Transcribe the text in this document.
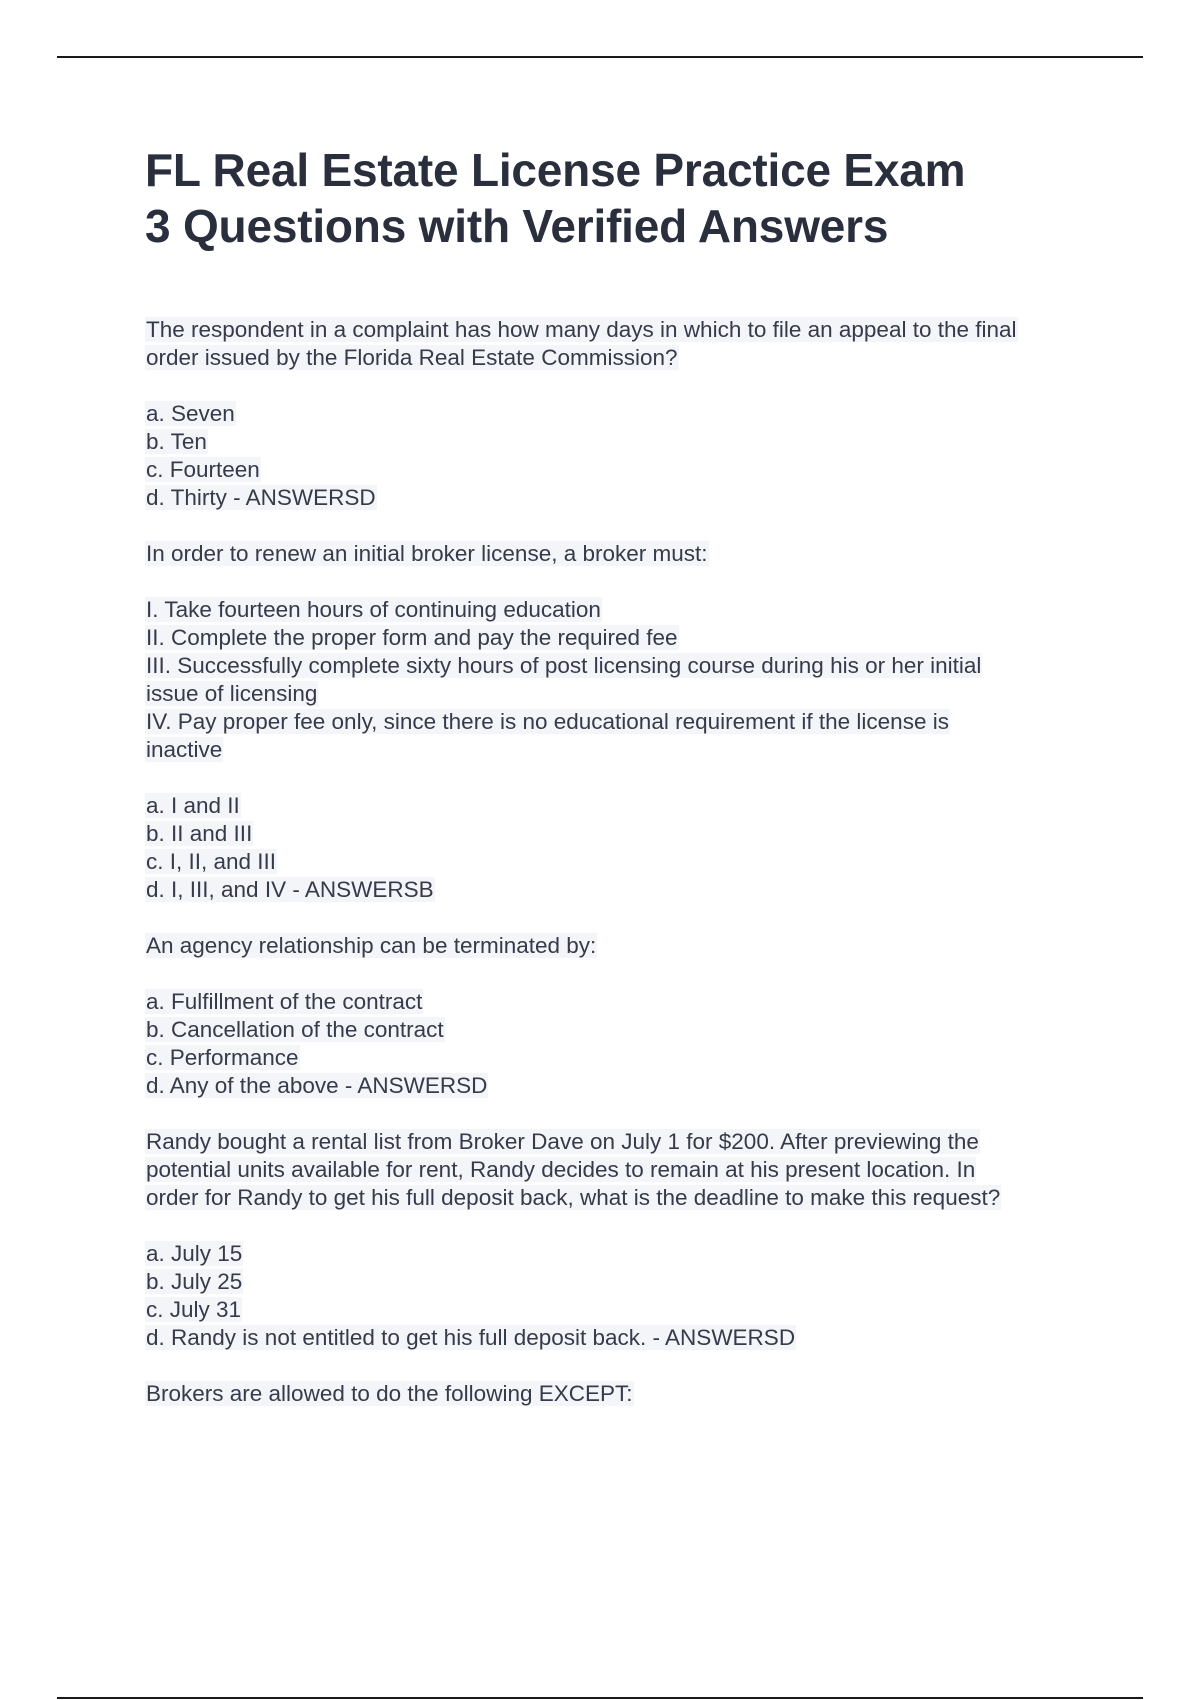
FL Real Estate License Practice Exam
3 Questions with Verified Answers
The respondent in a complaint has how many days in which to file an appeal to the final
order issued by the Florida Real Estate Commission?
a. Seven
b. Ten
c. Fourteen
d. Thirty - ANSWERSD
In order to renew an initial broker license, a broker must:
I. Take fourteen hours of continuing education
II. Complete the proper form and pay the required fee
III. Successfully complete sixty hours of post licensing course during his or her initial
issue of licensing
IV. Pay proper fee only, since there is no educational requirement if the license is
inactive
a. I and II
b. II and III
c. I, II, and III
d. I, III, and IV - ANSWERSB
An agency relationship can be terminated by:
a. Fulfillment of the contract
b. Cancellation of the contract
c. Performance
d. Any of the above - ANSWERSD
Randy bought a rental list from Broker Dave on July 1 for $200. After previewing the
potential units available for rent, Randy decides to remain at his present location. In
order for Randy to get his full deposit back, what is the deadline to make this request?
a. July 15
b. July 25
c. July 31
d. Randy is not entitled to get his full deposit back. - ANSWERSD
Brokers are allowed to do the following EXCEPT:
